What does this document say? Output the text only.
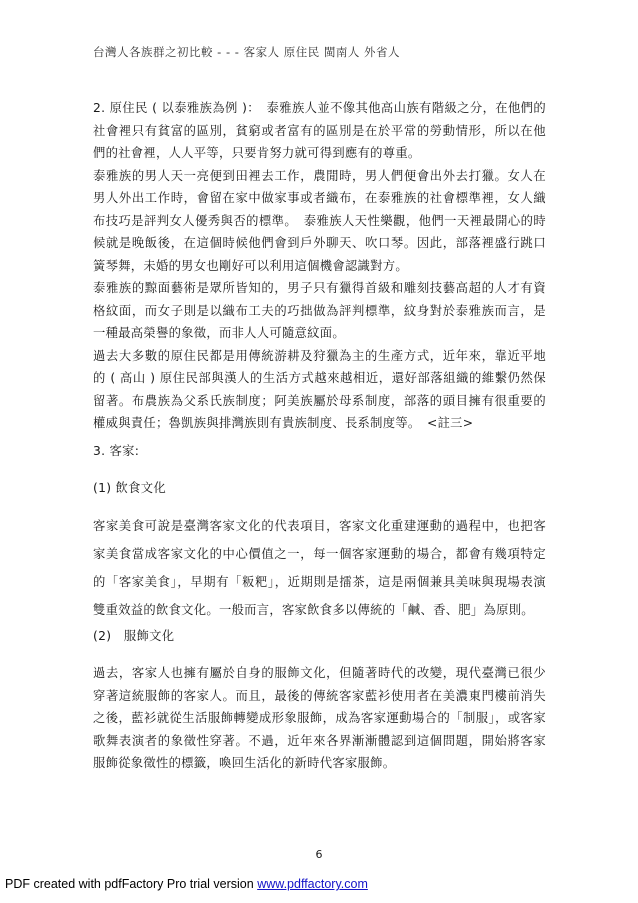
台灣人各族群之初比較 - - - 客家人 原住民 閩南人 外省人

2. 原住民 ( 以泰雅族為例 )：　泰雅族人並不像其他高山族有階級之分，在他們的社會裡只有貧富的區別，貧窮或者富有的區別是在於平常的勞動情形，所以在他們的社會裡，人人平等，只要肯努力就可得到應有的尊重。

泰雅族的男人天一亮便到田裡去工作，農閒時，男人們便會出外去打獵。女人在男人外出工作時，會留在家中做家事或者織布，在泰雅族的社會標準裡，女人織布技巧是評判女人優秀與否的標準。　泰雅族人天性樂觀，他們一天裡最開心的時候就是晚飯後，在這個時候他們會到戶外聊天、吹口琴。因此，部落裡盛行跳口簧琴舞，未婚的男女也剛好可以利用這個機會認識對方。

泰雅族的黥面藝術是眾所皆知的，男子只有獵得首級和雕刻技藝高超的人才有資格紋面，而女子則是以織布工夫的巧拙做為評判標準，紋身對於泰雅族而言，是一種最高榮譽的象徵，而非人人可隨意紋面。

過去大多數的原住民都是用傳統游耕及狩獵為主的生產方式，近年來，靠近平地的 ( 高山 ) 原住民部與漢人的生活方式越來越相近，還好部落組織的維繫仍然保留著。布農族為父系氏族制度；阿美族屬於母系制度，部落的頭目擁有很重要的權威與責任；魯凱族與排灣族則有貴族制度、長系制度等。　<註三>

3. 客家:
(1) 飲食文化

客家美食可說是臺灣客家文化的代表項目，客家文化重建運動的過程中，也把客家美食當成客家文化的中心價值之一，每一個客家運動的場合，都會有幾項特定的「客家美食」，早期有「粄粑」，近期則是擂茶，這是兩個兼具美味與現場表演雙重效益的飲食文化。一般而言，客家飲食多以傳統的「鹹、香、肥」為原則。

(2)　服飾文化

過去，客家人也擁有屬於自身的服飾文化，但隨著時代的改變，現代臺灣已很少穿著這統服飾的客家人。而且，最後的傳統客家藍衫使用者在美濃東門樓前消失之後，藍衫就從生活服飾轉變成形象服飾，成為客家運動場合的「制服」，或客家歌舞表演者的象徵性穿著。不過，近年來各界漸漸體認到這個問題，開始將客家服飾從象徵性的標籤，喚回生活化的新時代客家服飾。

6
PDF created with pdfFactory Pro trial version www.pdffactory.com
